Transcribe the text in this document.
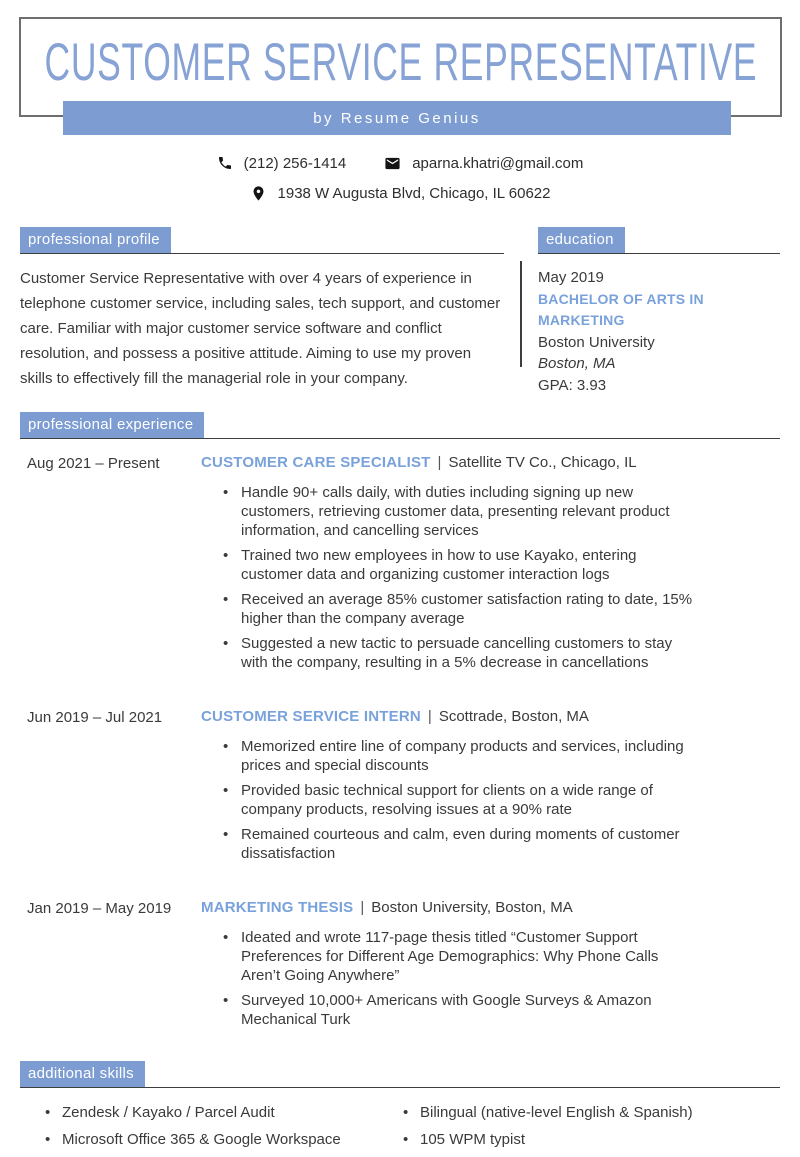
CUSTOMER SERVICE REPRESENTATIVE
by Resume Genius
(212) 256-1414	aparna.khatri@gmail.com
1938 W Augusta Blvd, Chicago, IL 60622
professional profile

Customer Service Representative with over 4 years of experience in telephone customer service, including sales, tech support, and customer care. Familiar with major customer service software and conflict resolution, and possess a positive attitude. Aiming to use my proven skills to effectively fill the managerial role in your company.

education
May 2019
BACHELOR OF ARTS IN MARKETING
Boston University
Boston, MA
GPA: 3.93
professional experience
Aug 2021 – Present	CUSTOMER CARE SPECIALIST | Satellite TV Co., Chicago, IL
• Handle 90+ calls daily, with duties including signing up new customers, retrieving customer data, presenting relevant product information, and cancelling services
• Trained two new employees in how to use Kayako, entering customer data and organizing customer interaction logs
• Received an average 85% customer satisfaction rating to date, 15% higher than the company average
• Suggested a new tactic to persuade cancelling customers to stay with the company, resulting in a 5% decrease in cancellations
Jun 2019 – Jul 2021	CUSTOMER SERVICE INTERN | Scottrade, Boston, MA
• Memorized entire line of company products and services, including prices and special discounts
• Provided basic technical support for clients on a wide range of company products, resolving issues at a 90% rate
• Remained courteous and calm, even during moments of customer dissatisfaction
Jan 2019 – May 2019	MARKETING THESIS | Boston University, Boston, MA
• Ideated and wrote 117-page thesis titled “Customer Support Preferences for Different Age Demographics: Why Phone Calls Aren’t Going Anywhere”
• Surveyed 10,000+ Americans with Google Surveys & Amazon Mechanical Turk
additional skills
• Zendesk / Kayako / Parcel Audit
• Microsoft Office 365 & Google Workspace
• Bilingual (native-level English & Spanish)
• 105 WPM typist
